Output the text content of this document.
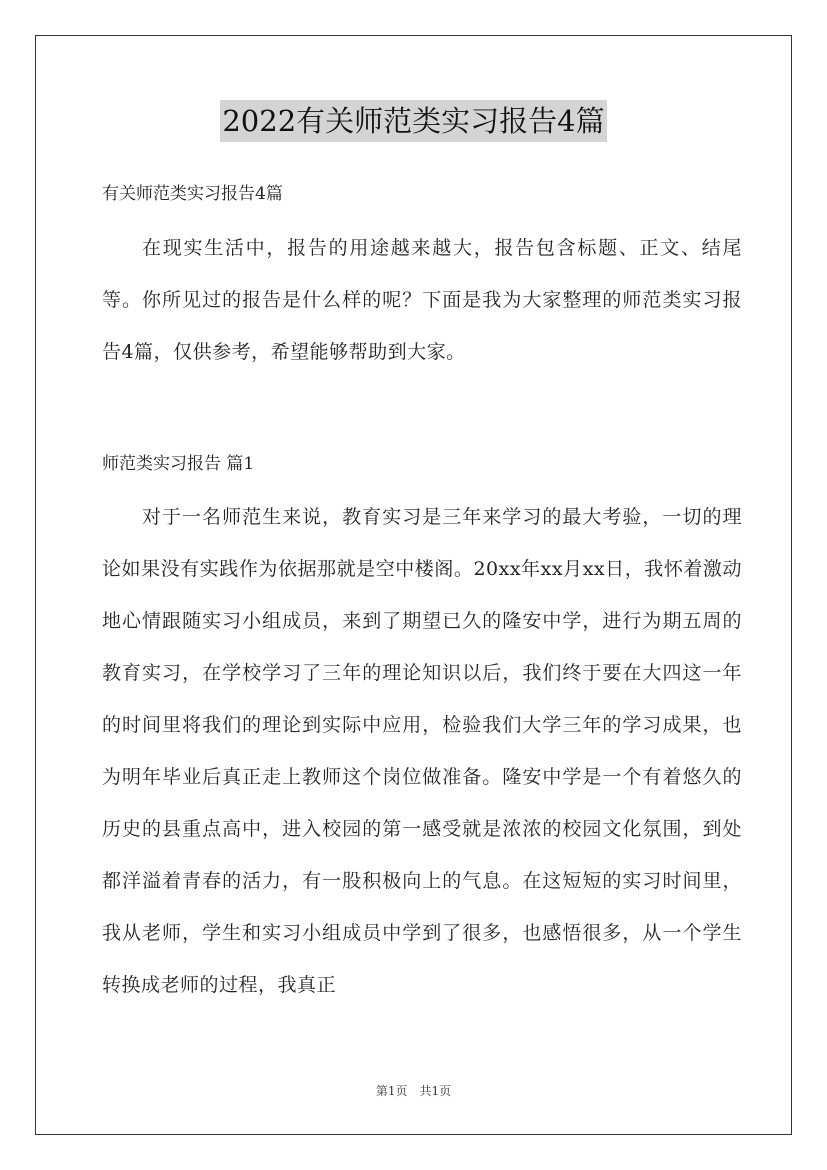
2022有关师范类实习报告4篇
有关师范类实习报告4篇

在现实生活中，报告的用途越来越大，报告包含标题、正文、结尾等。你所见过的报告是什么样的呢？下面是我为大家整理的师范类实习报告4篇，仅供参考，希望能够帮助到大家。

师范类实习报告 篇1

对于一名师范生来说，教育实习是三年来学习的最大考验，一切的理论如果没有实践作为依据那就是空中楼阁。20xx年xx月xx日，我怀着激动地心情跟随实习小组成员，来到了期望已久的隆安中学，进行为期五周的教育实习，在学校学习了三年的理论知识以后，我们终于要在大四这一年的时间里将我们的理论到实际中应用，检验我们大学三年的学习成果，也为明年毕业后真正走上教师这个岗位做准备。隆安中学是一个有着悠久的历史的县重点高中，进入校园的第一感受就是浓浓的校园文化氛围，到处都洋溢着青春的活力，有一股积极向上的气息。在这短短的实习时间里，我从老师，学生和实习小组成员中学到了很多，也感悟很多，从一个学生转换成老师的过程，我真正

第1页　共1页
